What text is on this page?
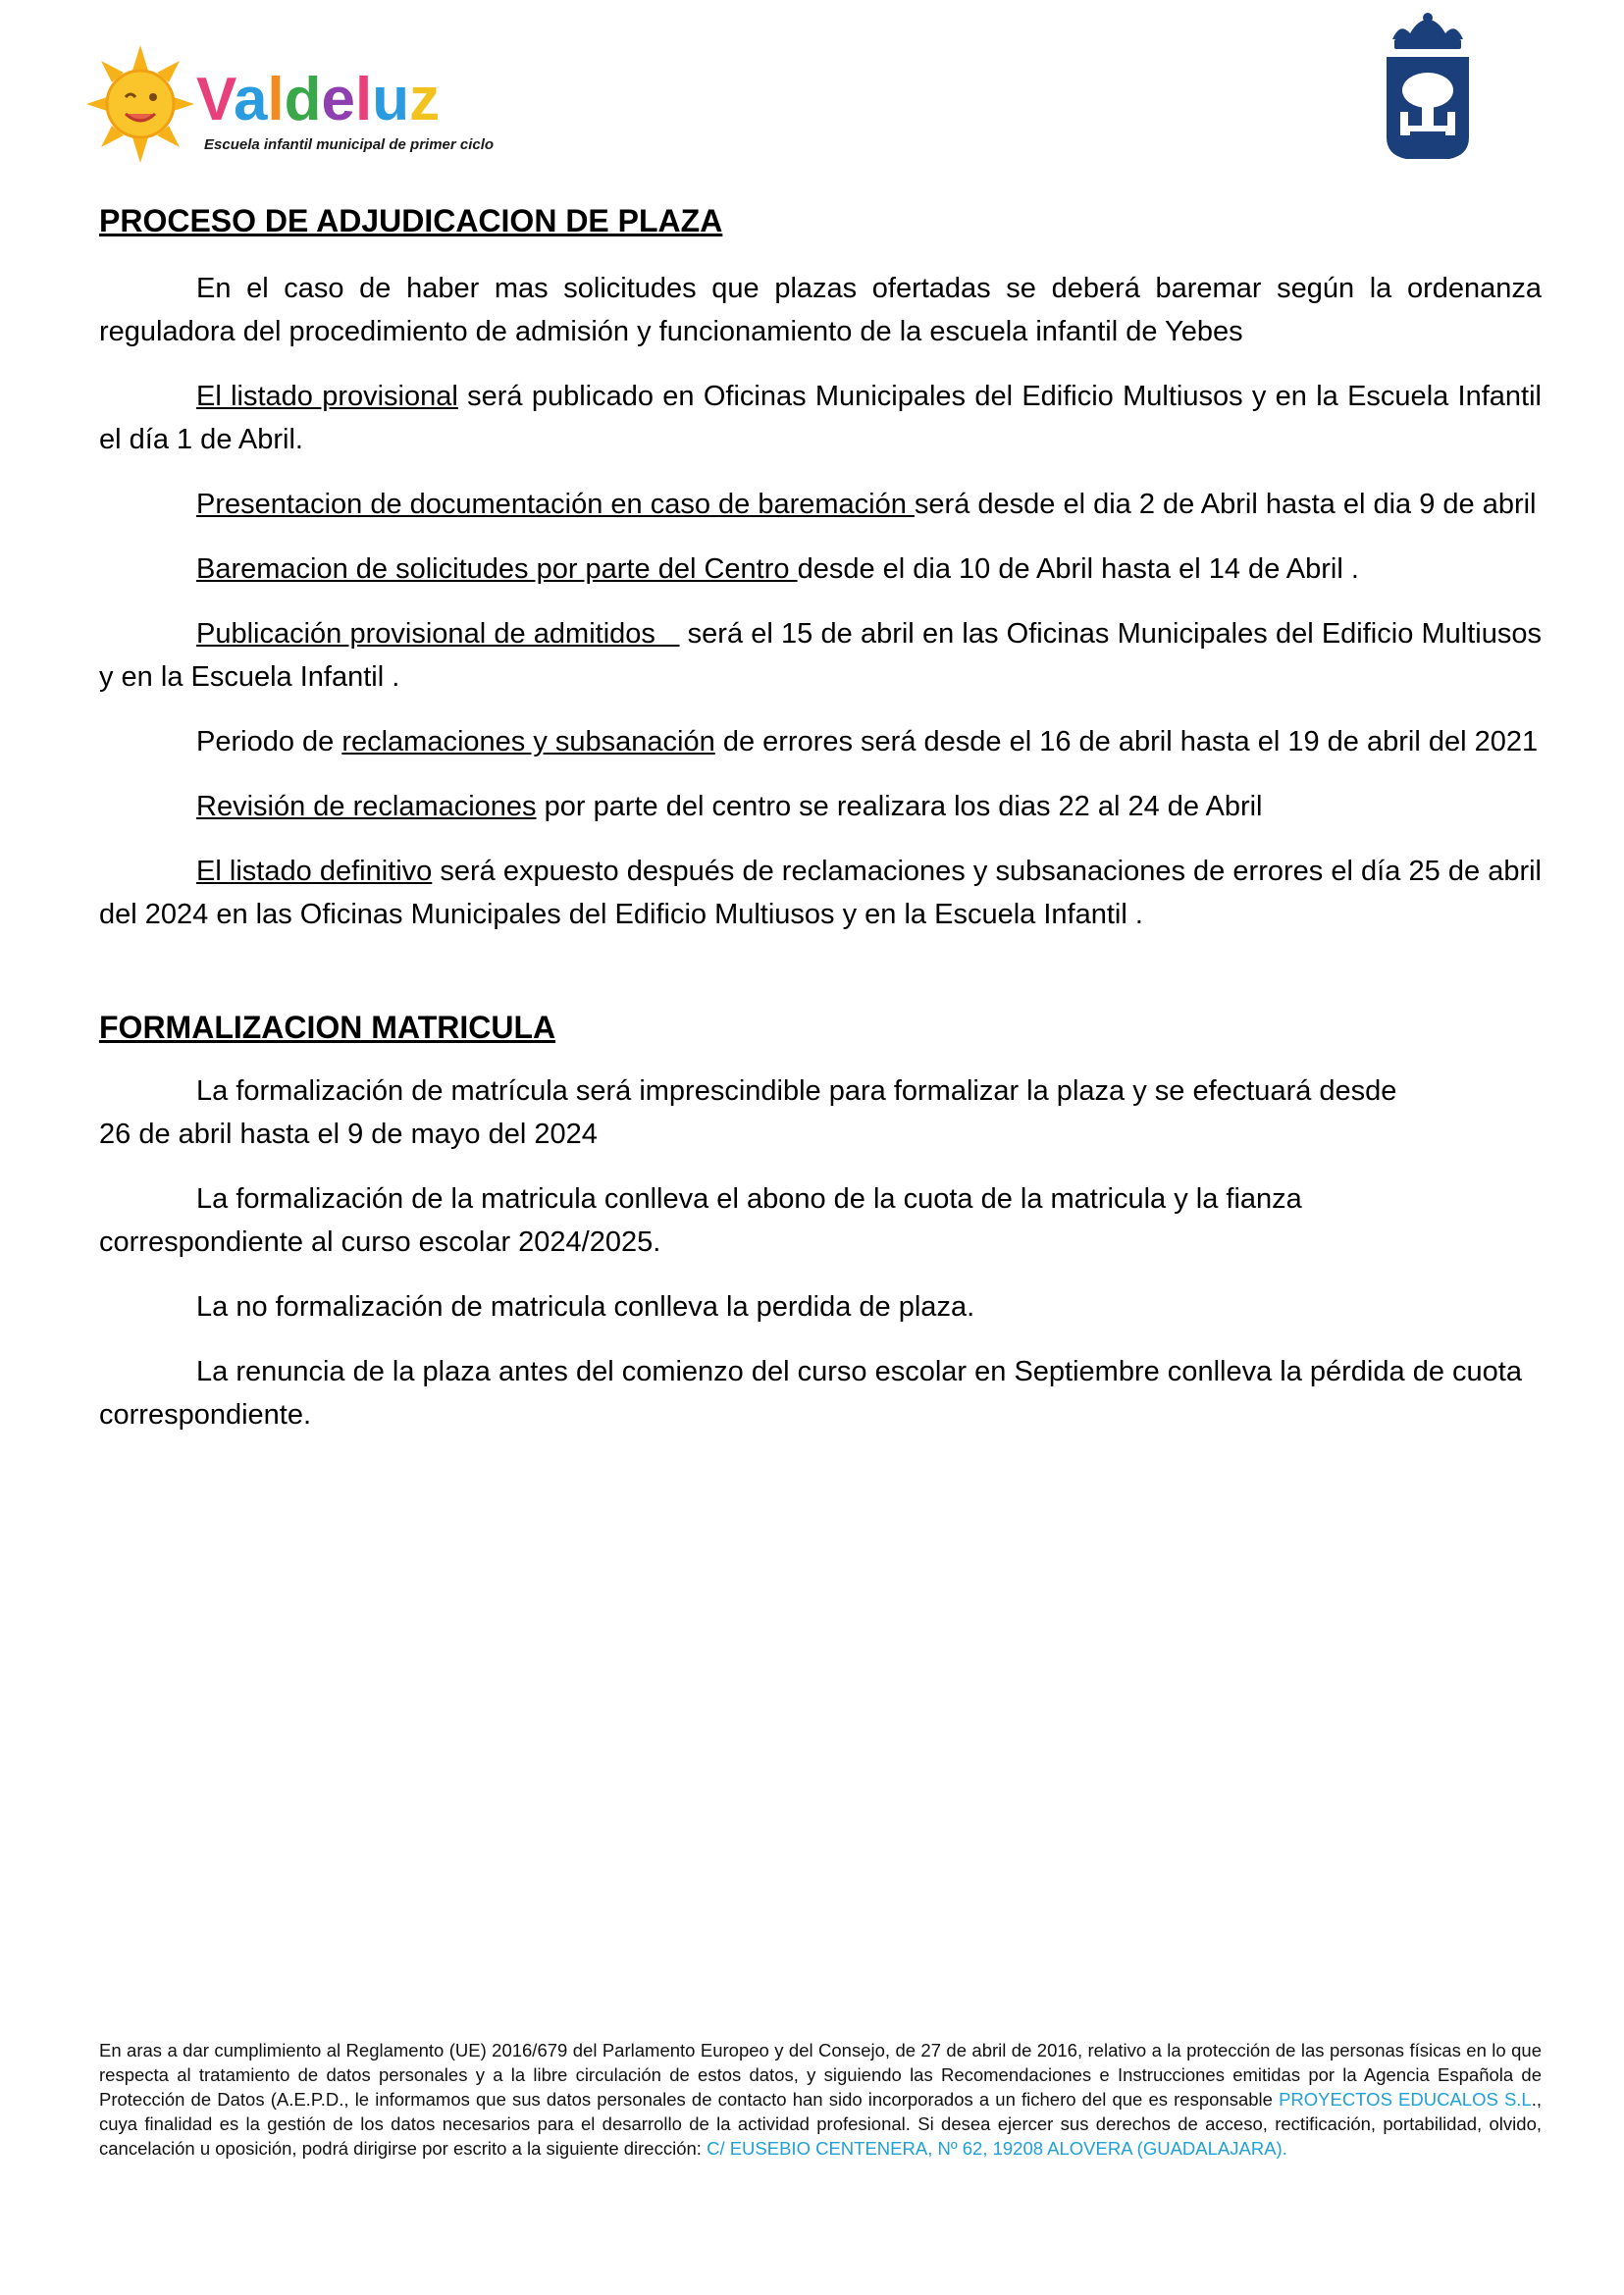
Valdeluz
Escuela infantil municipal de primer ciclo

PROCESO DE ADJUDICACION DE PLAZA

En el caso de haber mas solicitudes que plazas ofertadas se deberá baremar según la ordenanza reguladora del procedimiento de admisión y funcionamiento de la escuela infantil de Yebes

El listado provisional será publicado en Oficinas Municipales del Edificio Multiusos y en la Escuela Infantil el día 1 de Abril.

Presentacion de documentación en caso de baremación será desde el dia 2 de Abril hasta el dia 9 de abril

Baremacion de solicitudes por parte del Centro desde el dia 10 de Abril hasta el 14 de Abril .

Publicación provisional de admitidos    será el 15 de abril en las Oficinas Municipales del Edificio Multiusos y en la Escuela Infantil .

Periodo de reclamaciones y subsanación de errores será desde el 16 de abril hasta el 19 de abril del 2021

Revisión de reclamaciones por parte del centro se realizara los dias 22 al 24 de Abril

El listado definitivo será expuesto después de reclamaciones y subsanaciones de errores el día 25 de abril del 2024 en las Oficinas Municipales del Edificio Multiusos y en la Escuela Infantil .

FORMALIZACION MATRICULA

La formalización de matrícula será imprescindible para formalizar la plaza y se efectuará desde
26 de abril hasta el 9 de mayo del 2024

La formalización de la matricula conlleva el abono de la cuota de la matricula y la fianza
correspondiente al curso escolar 2024/2025.

La no formalización de matricula conlleva la perdida de plaza.

La renuncia de la plaza antes del comienzo del curso escolar en Septiembre conlleva la pérdida de cuota correspondiente.

En aras a dar cumplimiento al Reglamento (UE) 2016/679 del Parlamento Europeo y del Consejo, de 27 de abril de 2016, relativo a la protección de las personas físicas en lo que respecta al tratamiento de datos personales y a la libre circulación de estos datos, y siguiendo las Recomendaciones e Instrucciones emitidas por la Agencia Española de Protección de Datos (A.E.P.D., le informamos que sus datos personales de contacto han sido incorporados a un fichero del que es responsable PROYECTOS EDUCALOS S.L., cuya finalidad es la gestión de los datos necesarios para el desarrollo de la actividad profesional. Si desea ejercer sus derechos de acceso, rectificación, portabilidad, olvido, cancelación u oposición, podrá dirigirse por escrito a la siguiente dirección: C/ EUSEBIO CENTENERA, Nº 62, 19208 ALOVERA (GUADALAJARA).
